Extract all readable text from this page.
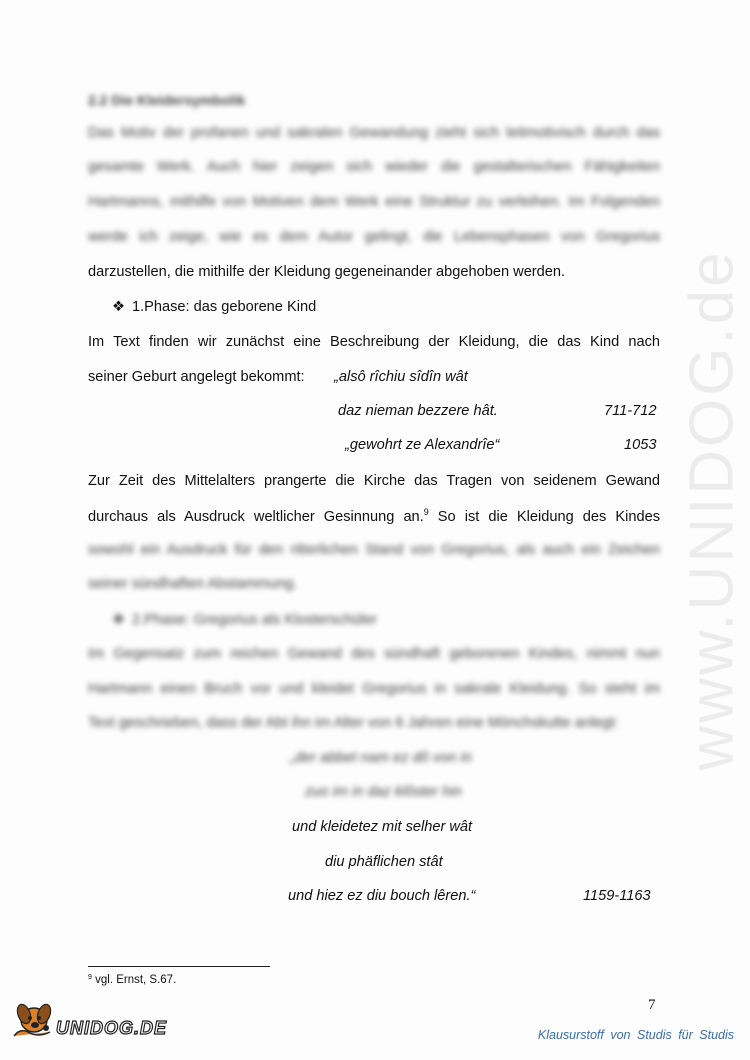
2.2 Die Kleidersymbolik
Das Motiv der profanen und sakralen Gewandung zieht sich leitmotivisch durch das
gesamte Werk. Auch hier zeigen sich wieder die gestalterischen Fähigkeiten
Hartmanns, mithilfe von Motiven dem Werk eine Struktur zu verleihen. Im Folgenden
werde ich zeige, wie es dem Autor gelingt, die Lebensphasen von Gregorius
darzustellen, die mithilfe der Kleidung gegeneinander abgehoben werden.
❖ 1.Phase: das geborene Kind
Im Text finden wir zunächst eine Beschreibung der Kleidung, die das Kind nach
seiner Geburt angelegt bekommt:	„alsô rîchiu sîdîn wât
daz nieman bezzere hât.	711-712
„gewohrt ze Alexandrîe“	1053
Zur Zeit des Mittelalters prangerte die Kirche das Tragen von seidenem Gewand
durchaus als Ausdruck weltlicher Gesinnung an.$^9$ So ist die Kleidung des Kindes
sowohl ein Ausdruck für den ritterlichen Stand von Gregorius, als auch ein Zeichen
seiner sündhaften Abstammung.
❖ 2.Phase: Gregorius als Klosterschüler
Im Gegensatz zum reichen Gewand des sündhaft geborenen Kindes, nimmt nun
Hartmann einen Bruch vor und kleidet Gregorius in sakrale Kleidung. So steht im
Text geschrieben, dass der Abt ihn im Alter von 6 Jahren eine Mönchskutte anlegt:
„der abbet nam ez dô von in
zuo im in daz klôster hin
und kleidetez mit selher wât
diu phäflichen stât
und hiez ez diu bouch lêren.“	1159-1163
$^9$ vgl. Ernst, S.67.
7
www.UNIDOG.de
UNIDOG.DE	Klausurstoff von Studis für Studis
